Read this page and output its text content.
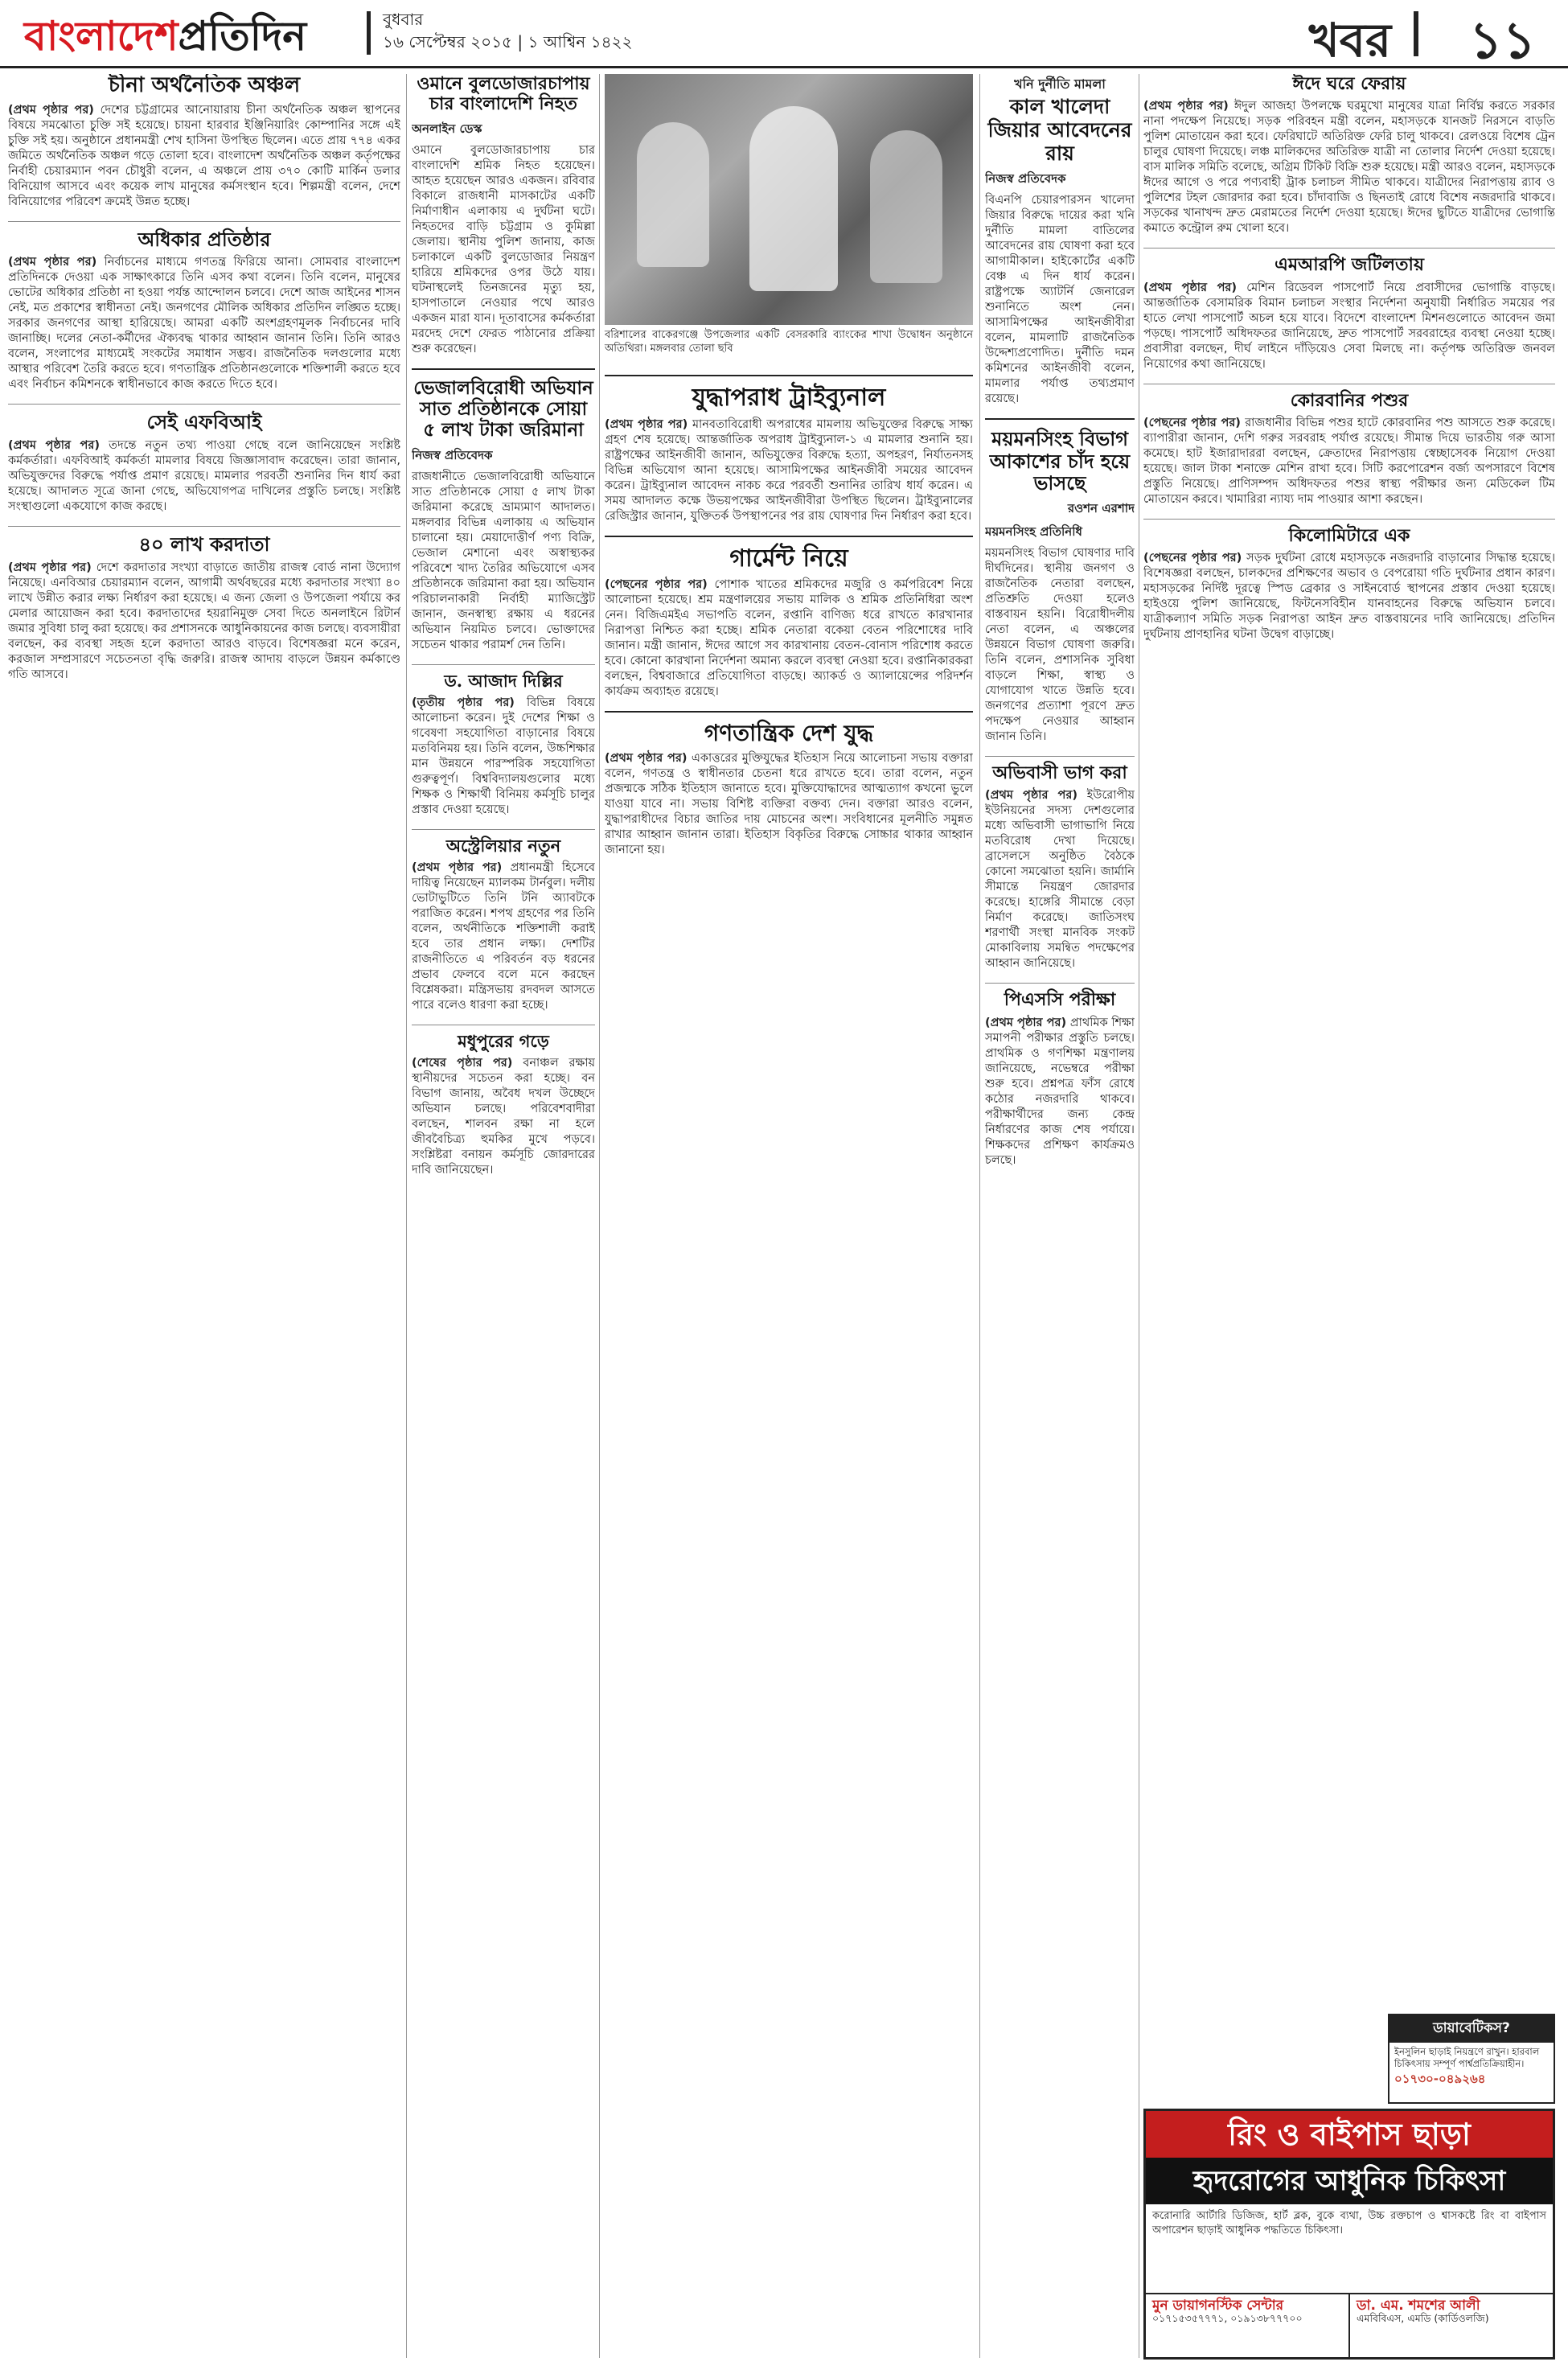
বাংলাদেশপ্রতিদিন	বুধবার
১৬ সেপ্টেম্বর ২০১৫ | ১ আশ্বিন ১৪২২	খবর ১১
চীনা অর্থনৈতিক অঞ্চল

(প্রথম পৃষ্ঠার পর) দেশের চট্টগ্রামের আনোয়ারায় চীনা অর্থনৈতিক অঞ্চল স্থাপনের বিষয়ে সমঝোতা চুক্তি সই হয়েছে। চায়না হারবার ইঞ্জিনিয়ারিং কোম্পানির সঙ্গে এই চুক্তি সই হয়। অনুষ্ঠানে প্রধানমন্ত্রী শেখ হাসিনা উপস্থিত ছিলেন। এতে প্রায় ৭৭৪ একর জমিতে অর্থনৈতিক অঞ্চল গড়ে তোলা হবে। বাংলাদেশ অর্থনৈতিক অঞ্চল কর্তৃপক্ষের নির্বাহী চেয়ারম্যান পবন চৌধুরী বলেন, এ অঞ্চলে প্রায় ৩৭০ কোটি মার্কিন ডলার বিনিয়োগ আসবে এবং কয়েক লাখ মানুষের কর্মসংস্থান হবে। শিল্পমন্ত্রী বলেন, দেশে বিনিয়োগের পরিবেশ ক্রমেই উন্নত হচ্ছে।

অধিকার প্রতিষ্ঠার

(প্রথম পৃষ্ঠার পর) নির্বাচনের মাধ্যমে গণতন্ত্র ফিরিয়ে আনা। সোমবার বাংলাদেশ প্রতিদিনকে দেওয়া এক সাক্ষাৎকারে তিনি এসব কথা বলেন। তিনি বলেন, মানুষের ভোটের অধিকার প্রতিষ্ঠা না হওয়া পর্যন্ত আন্দোলন চলবে। দেশে আজ আইনের শাসন নেই, মত প্রকাশের স্বাধীনতা নেই। জনগণের মৌলিক অধিকার প্রতিদিন লঙ্ঘিত হচ্ছে। সরকার জনগণের আস্থা হারিয়েছে। আমরা একটি অংশগ্রহণমূলক নির্বাচনের দাবি জানাচ্ছি। দলের নেতা-কর্মীদের ঐক্যবদ্ধ থাকার আহ্বান জানান তিনি। তিনি আরও বলেন, সংলাপের মাধ্যমেই সংকটের সমাধান সম্ভব। রাজনৈতিক দলগুলোর মধ্যে আস্থার পরিবেশ তৈরি করতে হবে। গণতান্ত্রিক প্রতিষ্ঠানগুলোকে শক্তিশালী করতে হবে এবং নির্বাচন কমিশনকে স্বাধীনভাবে কাজ করতে দিতে হবে।

সেই এফবিআই

(প্রথম পৃষ্ঠার পর) তদন্তে নতুন তথ্য পাওয়া গেছে বলে জানিয়েছেন সংশ্লিষ্ট কর্মকর্তারা। এফবিআই কর্মকর্তা মামলার বিষয়ে জিজ্ঞাসাবাদ করেছেন। তারা জানান, অভিযুক্তদের বিরুদ্ধে পর্যাপ্ত প্রমাণ রয়েছে। মামলার পরবর্তী শুনানির দিন ধার্য করা হয়েছে। আদালত সূত্রে জানা গেছে, অভিযোগপত্র দাখিলের প্রস্তুতি চলছে। সংশ্লিষ্ট সংস্থাগুলো একযোগে কাজ করছে।

৪০ লাখ করদাতা

(প্রথম পৃষ্ঠার পর) দেশে করদাতার সংখ্যা বাড়াতে জাতীয় রাজস্ব বোর্ড নানা উদ্যোগ নিয়েছে। এনবিআর চেয়ারম্যান বলেন, আগামী অর্থবছরের মধ্যে করদাতার সংখ্যা ৪০ লাখে উন্নীত করার লক্ষ্য নির্ধারণ করা হয়েছে। এ জন্য জেলা ও উপজেলা পর্যায়ে কর মেলার আয়োজন করা হবে। করদাতাদের হয়রানিমুক্ত সেবা দিতে অনলাইনে রিটার্ন জমার সুবিধা চালু করা হয়েছে। কর প্রশাসনকে আধুনিকায়নের কাজ চলছে। ব্যবসায়ীরা বলছেন, কর ব্যবস্থা সহজ হলে করদাতা আরও বাড়বে। বিশেষজ্ঞরা মনে করেন, করজাল সম্প্রসারণে সচেতনতা বৃদ্ধি জরুরি। রাজস্ব আদায় বাড়লে উন্নয়ন কর্মকাণ্ডে গতি আসবে।

ওমানে বুলডোজারচাপায় চার বাংলাদেশি নিহত
অনলাইন ডেস্ক

ওমানে বুলডোজারচাপায় চার বাংলাদেশি শ্রমিক নিহত হয়েছেন। আহত হয়েছেন আরও একজন। রবিবার বিকালে রাজধানী মাসকাটের একটি নির্মাণাধীন এলাকায় এ দুর্ঘটনা ঘটে। নিহতদের বাড়ি চট্টগ্রাম ও কুমিল্লা জেলায়। স্থানীয় পুলিশ জানায়, কাজ চলাকালে একটি বুলডোজার নিয়ন্ত্রণ হারিয়ে শ্রমিকদের ওপর উঠে যায়। ঘটনাস্থলেই তিনজনের মৃত্যু হয়, হাসপাতালে নেওয়ার পথে আরও একজন মারা যান। দূতাবাসের কর্মকর্তারা মরদেহ দেশে ফেরত পাঠানোর প্রক্রিয়া শুরু করেছেন।

ভেজালবিরোধী অভিযান সাত প্রতিষ্ঠানকে সোয়া ৫ লাখ টাকা জরিমানা
নিজস্ব প্রতিবেদক

রাজধানীতে ভেজালবিরোধী অভিযানে সাত প্রতিষ্ঠানকে সোয়া ৫ লাখ টাকা জরিমানা করেছে ভ্রাম্যমাণ আদালত। মঙ্গলবার বিভিন্ন এলাকায় এ অভিযান চালানো হয়। মেয়াদোত্তীর্ণ পণ্য বিক্রি, ভেজাল মেশানো এবং অস্বাস্থ্যকর পরিবেশে খাদ্য তৈরির অভিযোগে এসব প্রতিষ্ঠানকে জরিমানা করা হয়। অভিযান পরিচালনাকারী নির্বাহী ম্যাজিস্ট্রেট জানান, জনস্বাস্থ্য রক্ষায় এ ধরনের অভিযান নিয়মিত চলবে। ভোক্তাদের সচেতন থাকার পরামর্শ দেন তিনি।

ড. আজাদ দিল্লির

(তৃতীয় পৃষ্ঠার পর) বিভিন্ন বিষয়ে আলোচনা করেন। দুই দেশের শিক্ষা ও গবেষণা সহযোগিতা বাড়ানোর বিষয়ে মতবিনিময় হয়। তিনি বলেন, উচ্চশিক্ষার মান উন্নয়নে পারস্পরিক সহযোগিতা গুরুত্বপূর্ণ। বিশ্ববিদ্যালয়গুলোর মধ্যে শিক্ষক ও শিক্ষার্থী বিনিময় কর্মসূচি চালুর প্রস্তাব দেওয়া হয়েছে।

অস্ট্রেলিয়ার নতুন

(প্রথম পৃষ্ঠার পর) প্রধানমন্ত্রী হিসেবে দায়িত্ব নিয়েছেন ম্যালকম টার্নবুল। দলীয় ভোটাভুটিতে তিনি টনি অ্যাবটকে পরাজিত করেন। শপথ গ্রহণের পর তিনি বলেন, অর্থনীতিকে শক্তিশালী করাই হবে তার প্রধান লক্ষ্য। দেশটির রাজনীতিতে এ পরিবর্তন বড় ধরনের প্রভাব ফেলবে বলে মনে করছেন বিশ্লেষকরা। মন্ত্রিসভায় রদবদল আসতে পারে বলেও ধারণা করা হচ্ছে।

মধুপুরের গড়ে

(শেষের পৃষ্ঠার পর) বনাঞ্চল রক্ষায় স্থানীয়দের সচেতন করা হচ্ছে। বন বিভাগ জানায়, অবৈধ দখল উচ্ছেদে অভিযান চলছে। পরিবেশবাদীরা বলছেন, শালবন রক্ষা না হলে জীববৈচিত্র্য হুমকির মুখে পড়বে। সংশ্লিষ্টরা বনায়ন কর্মসূচি জোরদারের দাবি জানিয়েছেন।

বরিশালের বাকেরগঞ্জে উপজেলার একটি বেসরকারি ব্যাংকের শাখা উদ্বোধন অনুষ্ঠানে অতিথিরা। মঙ্গলবার তোলা ছবি
যুদ্ধাপরাধ ট্রাইব্যুনাল

(প্রথম পৃষ্ঠার পর) মানবতাবিরোধী অপরাধের মামলায় অভিযুক্তের বিরুদ্ধে সাক্ষ্য গ্রহণ শেষ হয়েছে। আন্তর্জাতিক অপরাধ ট্রাইব্যুনাল-১ এ মামলার শুনানি হয়। রাষ্ট্রপক্ষের আইনজীবী জানান, অভিযুক্তের বিরুদ্ধে হত্যা, অপহরণ, নির্যাতনসহ বিভিন্ন অভিযোগ আনা হয়েছে। আসামিপক্ষের আইনজীবী সময়ের আবেদন করেন। ট্রাইব্যুনাল আবেদন নাকচ করে পরবর্তী শুনানির তারিখ ধার্য করেন। এ সময় আদালত কক্ষে উভয়পক্ষের আইনজীবীরা উপস্থিত ছিলেন। ট্রাইব্যুনালের রেজিস্ট্রার জানান, যুক্তিতর্ক উপস্থাপনের পর রায় ঘোষণার দিন নির্ধারণ করা হবে।

গার্মেন্ট নিয়ে

(পেছনের পৃষ্ঠার পর) পোশাক খাতের শ্রমিকদের মজুরি ও কর্মপরিবেশ নিয়ে আলোচনা হয়েছে। শ্রম মন্ত্রণালয়ের সভায় মালিক ও শ্রমিক প্রতিনিধিরা অংশ নেন। বিজিএমইএ সভাপতি বলেন, রপ্তানি বাণিজ্য ধরে রাখতে কারখানার নিরাপত্তা নিশ্চিত করা হচ্ছে। শ্রমিক নেতারা বকেয়া বেতন পরিশোধের দাবি জানান। মন্ত্রী জানান, ঈদের আগে সব কারখানায় বেতন-বোনাস পরিশোধ করতে হবে। কোনো কারখানা নির্দেশনা অমান্য করলে ব্যবস্থা নেওয়া হবে। রপ্তানিকারকরা বলছেন, বিশ্ববাজারে প্রতিযোগিতা বাড়ছে। অ্যাকর্ড ও অ্যালায়েন্সের পরিদর্শন কার্যক্রম অব্যাহত রয়েছে।

গণতান্ত্রিক দেশ যুদ্ধ

(প্রথম পৃষ্ঠার পর) একাত্তরের মুক্তিযুদ্ধের ইতিহাস নিয়ে আলোচনা সভায় বক্তারা বলেন, গণতন্ত্র ও স্বাধীনতার চেতনা ধরে রাখতে হবে। তারা বলেন, নতুন প্রজন্মকে সঠিক ইতিহাস জানাতে হবে। মুক্তিযোদ্ধাদের আত্মত্যাগ কখনো ভুলে যাওয়া যাবে না। সভায় বিশিষ্ট ব্যক্তিরা বক্তব্য দেন। বক্তারা আরও বলেন, যুদ্ধাপরাধীদের বিচার জাতির দায় মোচনের অংশ। সংবিধানের মূলনীতি সমুন্নত রাখার আহ্বান জানান তারা। ইতিহাস বিকৃতির বিরুদ্ধে সোচ্চার থাকার আহ্বান জানানো হয়।

খনি দুর্নীতি মামলা
কাল খালেদা জিয়ার আবেদনের রায়
নিজস্ব প্রতিবেদক

বিএনপি চেয়ারপারসন খালেদা জিয়ার বিরুদ্ধে দায়ের করা খনি দুর্নীতি মামলা বাতিলের আবেদনের রায় ঘোষণা করা হবে আগামীকাল। হাইকোর্টের একটি বেঞ্চ এ দিন ধার্য করেন। রাষ্ট্রপক্ষে অ্যাটর্নি জেনারেল শুনানিতে অংশ নেন। আসামিপক্ষের আইনজীবীরা বলেন, মামলাটি রাজনৈতিক উদ্দেশ্যপ্রণোদিত। দুর্নীতি দমন কমিশনের আইনজীবী বলেন, মামলার পর্যাপ্ত তথ্যপ্রমাণ রয়েছে।

ময়মনসিংহ বিভাগ আকাশের চাঁদ হয়ে ভাসছে
রওশন এরশাদ
ময়মনসিংহ প্রতিনিধি

ময়মনসিংহ বিভাগ ঘোষণার দাবি দীর্ঘদিনের। স্থানীয় জনগণ ও রাজনৈতিক নেতারা বলছেন, প্রতিশ্রুতি দেওয়া হলেও বাস্তবায়ন হয়নি। বিরোধীদলীয় নেতা বলেন, এ অঞ্চলের উন্নয়নে বিভাগ ঘোষণা জরুরি। তিনি বলেন, প্রশাসনিক সুবিধা বাড়লে শিক্ষা, স্বাস্থ্য ও যোগাযোগ খাতে উন্নতি হবে। জনগণের প্রত্যাশা পূরণে দ্রুত পদক্ষেপ নেওয়ার আহ্বান জানান তিনি।

অভিবাসী ভাগ করা

(প্রথম পৃষ্ঠার পর) ইউরোপীয় ইউনিয়নের সদস্য দেশগুলোর মধ্যে অভিবাসী ভাগাভাগি নিয়ে মতবিরোধ দেখা দিয়েছে। ব্রাসেলসে অনুষ্ঠিত বৈঠকে কোনো সমঝোতা হয়নি। জার্মানি সীমান্তে নিয়ন্ত্রণ জোরদার করেছে। হাঙ্গেরি সীমান্তে বেড়া নির্মাণ করেছে। জাতিসংঘ শরণার্থী সংস্থা মানবিক সংকট মোকাবিলায় সমন্বিত পদক্ষেপের আহ্বান জানিয়েছে।

পিএসসি পরীক্ষা

(প্রথম পৃষ্ঠার পর) প্রাথমিক শিক্ষা সমাপনী পরীক্ষার প্রস্তুতি চলছে। প্রাথমিক ও গণশিক্ষা মন্ত্রণালয় জানিয়েছে, নভেম্বরে পরীক্ষা শুরু হবে। প্রশ্নপত্র ফাঁস রোধে কঠোর নজরদারি থাকবে। পরীক্ষার্থীদের জন্য কেন্দ্র নির্ধারণের কাজ শেষ পর্যায়ে। শিক্ষকদের প্রশিক্ষণ কার্যক্রমও চলছে।

ঈদে ঘরে ফেরায়

(প্রথম পৃষ্ঠার পর) ঈদুল আজহা উপলক্ষে ঘরমুখো মানুষের যাত্রা নির্বিঘ্ন করতে সরকার নানা পদক্ষেপ নিয়েছে। সড়ক পরিবহন মন্ত্রী বলেন, মহাসড়কে যানজট নিরসনে বাড়তি পুলিশ মোতায়েন করা হবে। ফেরিঘাটে অতিরিক্ত ফেরি চালু থাকবে। রেলওয়ে বিশেষ ট্রেন চালুর ঘোষণা দিয়েছে। লঞ্চ মালিকদের অতিরিক্ত যাত্রী না তোলার নির্দেশ দেওয়া হয়েছে। বাস মালিক সমিতি বলেছে, অগ্রিম টিকিট বিক্রি শুরু হয়েছে। মন্ত্রী আরও বলেন, মহাসড়কে ঈদের আগে ও পরে পণ্যবাহী ট্রাক চলাচল সীমিত থাকবে। যাত্রীদের নিরাপত্তায় র‍্যাব ও পুলিশের টহল জোরদার করা হবে। চাঁদাবাজি ও ছিনতাই রোধে বিশেষ নজরদারি থাকবে। সড়কের খানাখন্দ দ্রুত মেরামতের নির্দেশ দেওয়া হয়েছে। ঈদের ছুটিতে যাত্রীদের ভোগান্তি কমাতে কন্ট্রোল রুম খোলা হবে।

এমআরপি জটিলতায়

(প্রথম পৃষ্ঠার পর) মেশিন রিডেবল পাসপোর্ট নিয়ে প্রবাসীদের ভোগান্তি বাড়ছে। আন্তর্জাতিক বেসামরিক বিমান চলাচল সংস্থার নির্দেশনা অনুযায়ী নির্ধারিত সময়ের পর হাতে লেখা পাসপোর্ট অচল হয়ে যাবে। বিদেশে বাংলাদেশ মিশনগুলোতে আবেদন জমা পড়ছে। পাসপোর্ট অধিদফতর জানিয়েছে, দ্রুত পাসপোর্ট সরবরাহের ব্যবস্থা নেওয়া হচ্ছে। প্রবাসীরা বলছেন, দীর্ঘ লাইনে দাঁড়িয়েও সেবা মিলছে না। কর্তৃপক্ষ অতিরিক্ত জনবল নিয়োগের কথা জানিয়েছে।

কোরবানির পশুর

(পেছনের পৃষ্ঠার পর) রাজধানীর বিভিন্ন পশুর হাটে কোরবানির পশু আসতে শুরু করেছে। ব্যাপারীরা জানান, দেশি গরুর সরবরাহ পর্যাপ্ত রয়েছে। সীমান্ত দিয়ে ভারতীয় গরু আসা কমেছে। হাট ইজারাদাররা বলছেন, ক্রেতাদের নিরাপত্তায় স্বেচ্ছাসেবক নিয়োগ দেওয়া হয়েছে। জাল টাকা শনাক্তে মেশিন রাখা হবে। সিটি করপোরেশন বর্জ্য অপসারণে বিশেষ প্রস্তুতি নিয়েছে। প্রাণিসম্পদ অধিদফতর পশুর স্বাস্থ্য পরীক্ষার জন্য মেডিকেল টিম মোতায়েন করবে। খামারিরা ন্যায্য দাম পাওয়ার আশা করছেন।

কিলোমিটারে এক

(পেছনের পৃষ্ঠার পর) সড়ক দুর্ঘটনা রোধে মহাসড়কে নজরদারি বাড়ানোর সিদ্ধান্ত হয়েছে। বিশেষজ্ঞরা বলছেন, চালকদের প্রশিক্ষণের অভাব ও বেপরোয়া গতি দুর্ঘটনার প্রধান কারণ। মহাসড়কের নির্দিষ্ট দূরত্বে স্পিড ব্রেকার ও সাইনবোর্ড স্থাপনের প্রস্তাব দেওয়া হয়েছে। হাইওয়ে পুলিশ জানিয়েছে, ফিটনেসবিহীন যানবাহনের বিরুদ্ধে অভিযান চলবে। যাত্রীকল্যাণ সমিতি সড়ক নিরাপত্তা আইন দ্রুত বাস্তবায়নের দাবি জানিয়েছে। প্রতিদিন দুর্ঘটনায় প্রাণহানির ঘটনা উদ্বেগ বাড়াচ্ছে।

ডায়াবেটিকস?
ইনসুলিন ছাড়াই নিয়ন্ত্রণে রাখুন। হারবাল চিকিৎসায় সম্পূর্ণ পার্শ্বপ্রতিক্রিয়াহীন।
০১৭৩০-০৪৯২৬৪
রিং ও বাইপাস ছাড়া
হৃদরোগের আধুনিক চিকিৎসা
করোনারি আর্টারি ডিজিজ, হার্ট ব্লক, বুকে ব্যথা, উচ্চ রক্তচাপ ও শ্বাসকষ্টে রিং বা বাইপাস অপারেশন ছাড়াই আধুনিক পদ্ধতিতে চিকিৎসা।
মুন ডায়াগনস্টিক সেন্টার
০১৭১৫৩৫৭৭৭১, ০১৯১৩৮৭৭৭০০
ডা. এম. শমশের আলী
এমবিবিএস, এমডি (কার্ডিওলজি)
